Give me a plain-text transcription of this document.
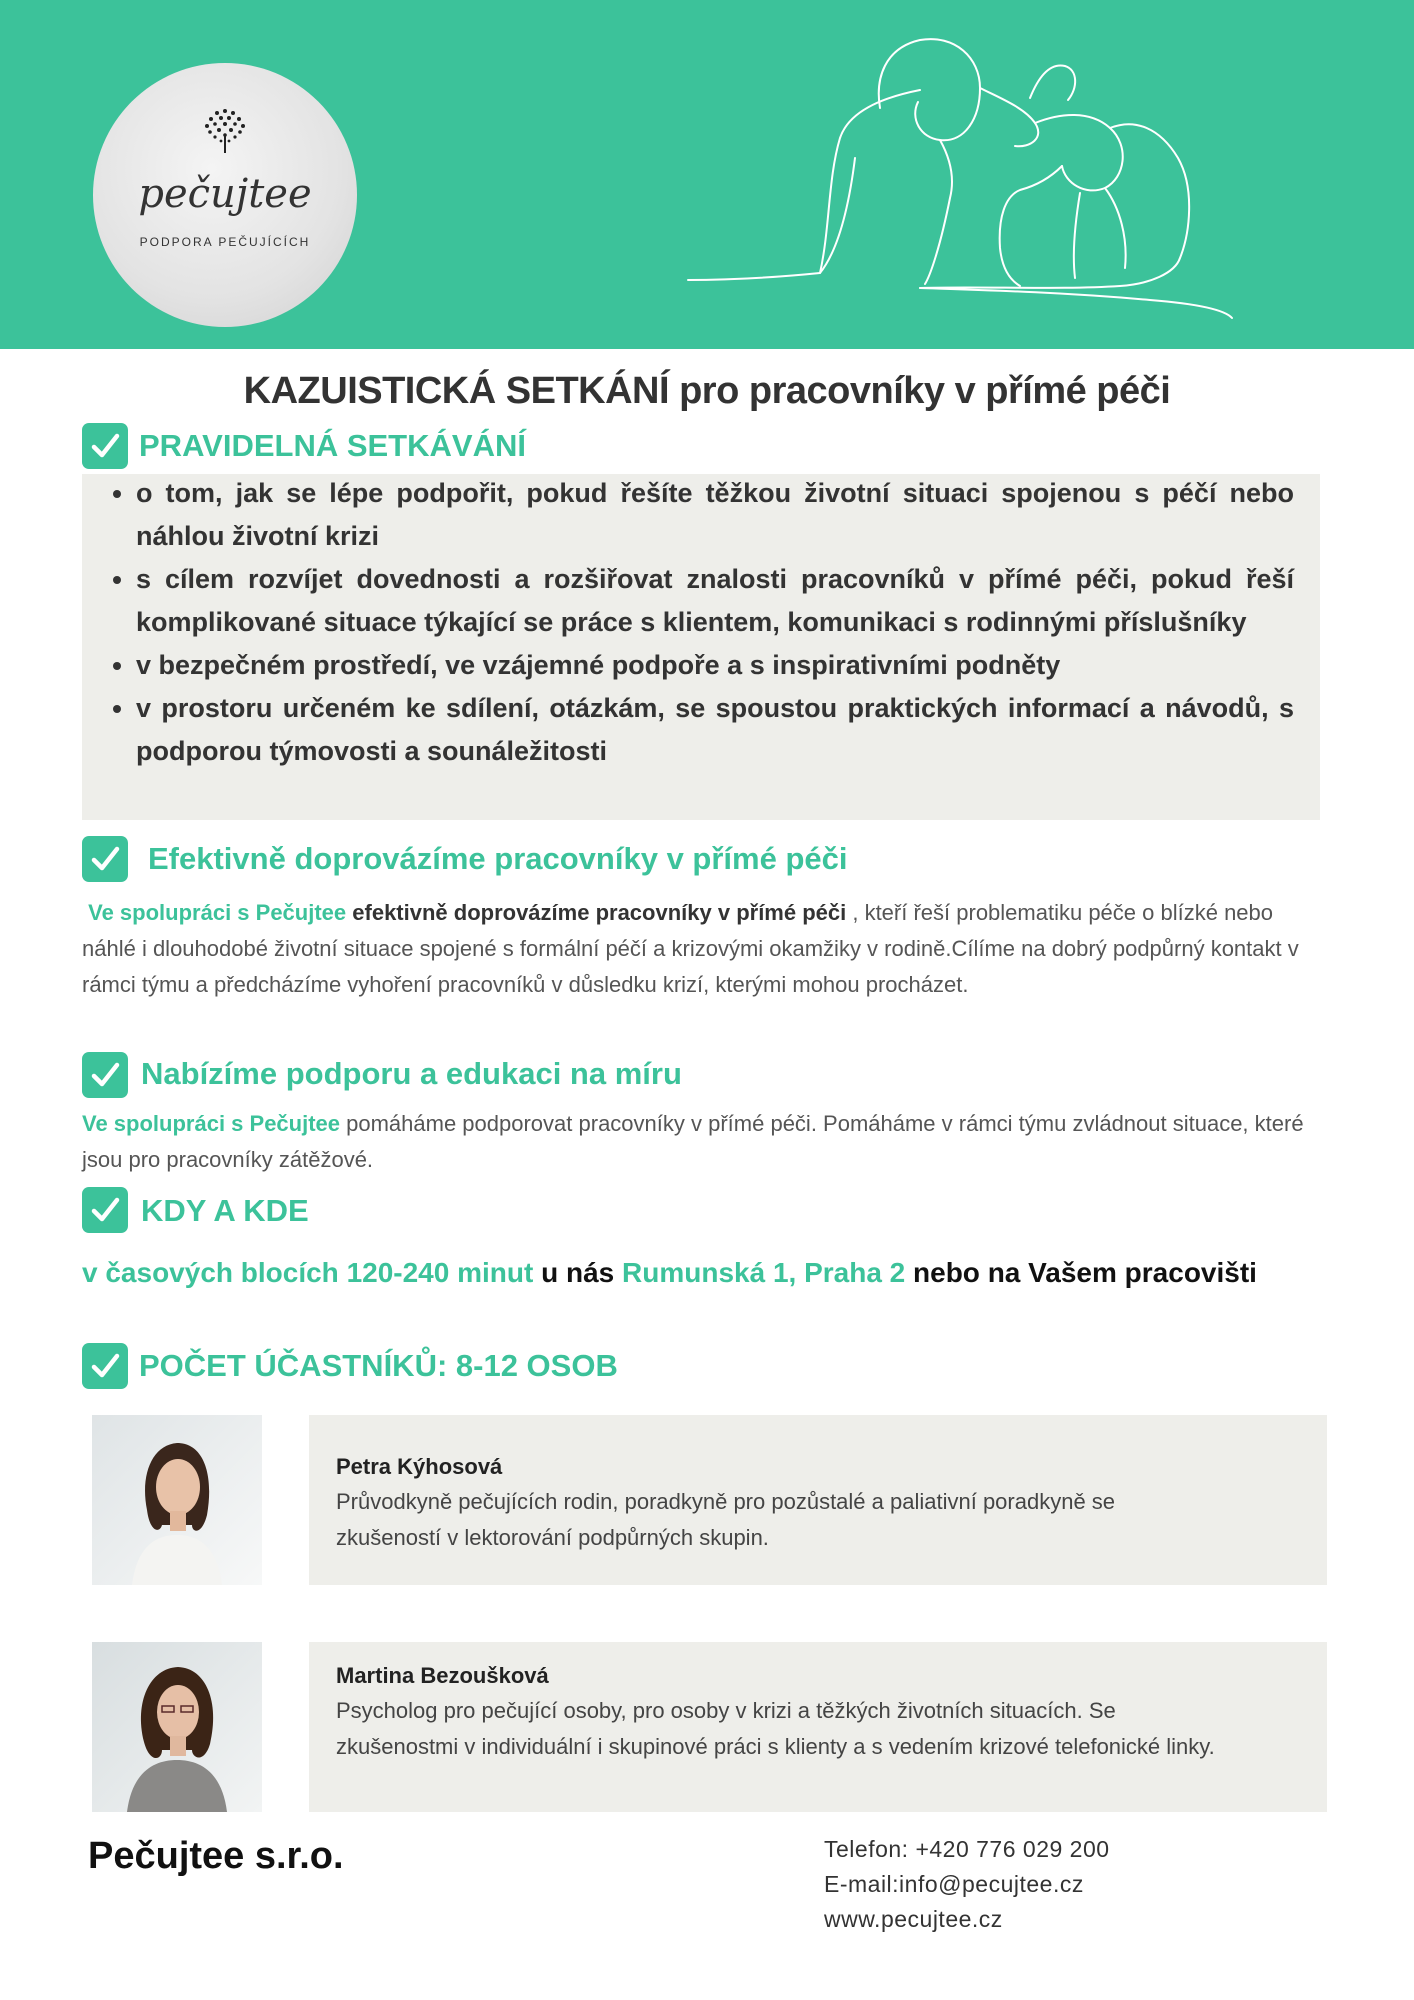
pečujtee
PODPORA PEČUJÍCÍCH
KAZUISTICKÁ SETKÁNÍ pro pracovníky v přímé péči
PRAVIDELNÁ SETKÁVÁNÍ
• o tom, jak se lépe podpořit, pokud řešíte těžkou životní situaci spojenou s péčí nebo náhlou životní krizi
• s cílem rozvíjet dovednosti a rozšiřovat znalosti pracovníků v přímé péči, pokud řeší komplikované situace týkající se práce s klientem, komunikaci s rodinnými příslušníky
• v bezpečném prostředí, ve vzájemné podpoře a s inspirativními podněty
• v prostoru určeném ke sdílení, otázkám, se spoustou praktických informací a návodů, s podporou týmovosti a sounáležitosti
Efektivně doprovázíme pracovníky v přímé péči
Ve spolupráci s Pečujtee efektivně doprovázíme pracovníky v přímé péči , kteří řeší problematiku péče o blízké nebo náhlé i dlouhodobé životní situace spojené s formální péčí a krizovými okamžiky v rodině.Cílíme na dobrý podpůrný kontakt v rámci týmu a předcházíme vyhoření pracovníků v důsledku krizí, kterými mohou procházet.
Nabízíme podporu a edukaci na míru
Ve spolupráci s Pečujtee pomáháme podporovat pracovníky v přímé péči. Pomáháme v rámci týmu zvládnout situace, které jsou pro pracovníky zátěžové.
KDY A KDE
v časových blocích 120-240 minut u nás Rumunská 1, Praha 2 nebo na Vašem pracovišti
POČET ÚČASTNÍKŮ: 8-12 OSOB
Petra Kýhosová
Průvodkyně pečujících rodin, poradkyně pro pozůstalé a paliativní poradkyně se zkušeností v lektorování podpůrných skupin.
Martina Bezoušková
Psycholog pro pečující osoby, pro osoby v krizi a těžkých životních situacích. Se zkušenostmi v individuální i skupinové práci s klienty a s vedením krizové telefonické linky.
Pečujtee s.r.o.	Telefon: +420 776 029 200
E-mail:info@pecujtee.cz
www.pecujtee.cz
